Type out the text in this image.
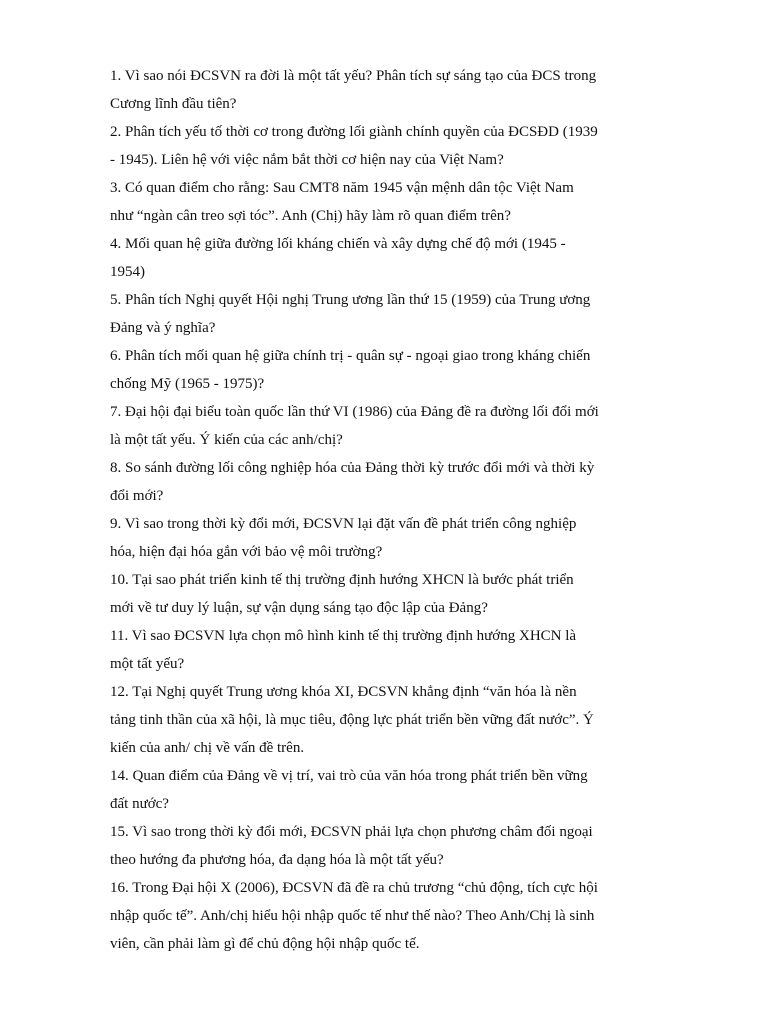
1. Vì sao nói ĐCSVN ra đời là một tất yếu? Phân tích sự sáng tạo của ĐCS trong Cương lĩnh đầu tiên?
2. Phân tích yếu tố thời cơ trong đường lối giành chính quyền của ĐCSĐD (1939 - 1945). Liên hệ với việc nắm bắt thời cơ hiện nay của Việt Nam?
3. Có quan điểm cho rằng: Sau CMT8 năm 1945 vận mệnh dân tộc Việt Nam như “ngàn cân treo sợi tóc”. Anh (Chị) hãy làm rõ quan điểm trên?
4. Mối quan hệ giữa đường lối kháng chiến và xây dựng chế độ mới (1945 - 1954)
5. Phân tích Nghị quyết Hội nghị Trung ương lần thứ 15 (1959) của Trung ương Đảng và ý nghĩa?
6. Phân tích mối quan hệ giữa chính trị - quân sự - ngoại giao trong kháng chiến chống Mỹ (1965 - 1975)?
7. Đại hội đại biểu toàn quốc lần thứ VI (1986) của Đảng đề ra đường lối đổi mới là một tất yếu. Ý kiến của các anh/chị?
8. So sánh đường lối công nghiệp hóa của Đảng thời kỳ trước đổi mới và thời kỳ đổi mới?
9. Vì sao trong thời kỳ đổi mới, ĐCSVN lại đặt vấn đề phát triển công nghiệp hóa, hiện đại hóa gắn với bảo vệ môi trường?
10. Tại sao phát triển kinh tế thị trường định hướng XHCN là bước phát triển mới về tư duy lý luận, sự vận dụng sáng tạo độc lập của Đảng?
11. Vì sao ĐCSVN lựa chọn mô hình kinh tế thị trường định hướng XHCN là một tất yếu?
12. Tại Nghị quyết Trung ương khóa XI, ĐCSVN khẳng định “văn hóa là nền tảng tinh thần của xã hội, là mục tiêu, động lực phát triển bền vững đất nước”. Ý kiến của anh/ chị về vấn đề trên.
14. Quan điểm của Đảng về vị trí, vai trò của văn hóa trong phát triển bền vững đất nước?
15. Vì sao trong thời kỳ đổi mới, ĐCSVN phải lựa chọn phương châm đối ngoại theo hướng đa phương hóa, đa dạng hóa là một tất yếu?
16. Trong Đại hội X (2006), ĐCSVN đã đề ra chủ trương “chủ động, tích cực hội nhập quốc tế”. Anh/chị hiểu hội nhập quốc tế như thế nào? Theo Anh/Chị là sinh viên, cần phải làm gì để chủ động hội nhập quốc tế.
